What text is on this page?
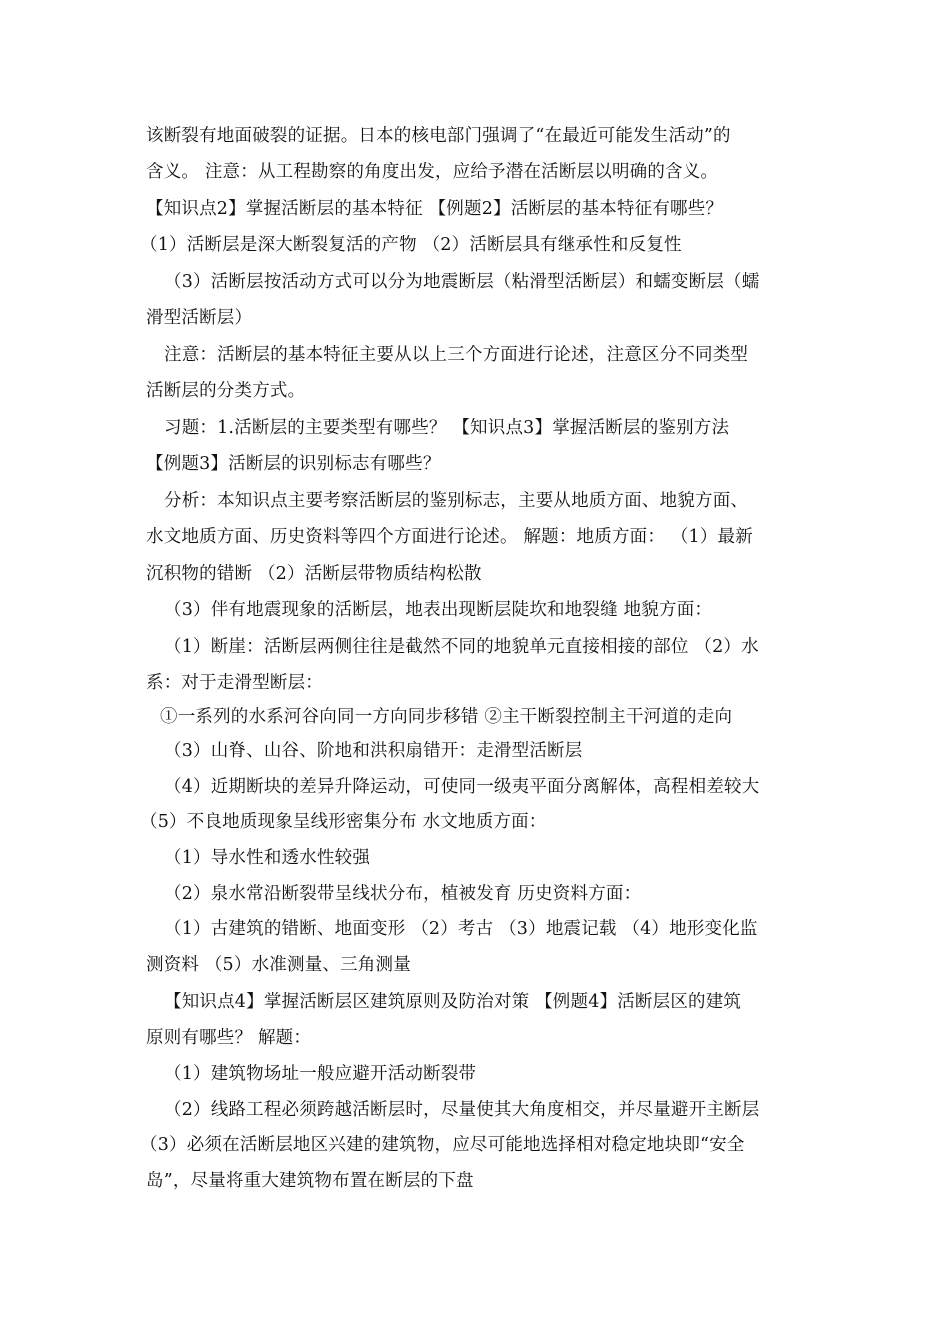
该断裂有地面破裂的证据。日本的核电部门强调了“在最近可能发生活动”的
含义。 注意：从工程勘察的角度出发，应给予潜在活断层以明确的含义。
【知识点2】掌握活断层的基本特征 【例题2】活断层的基本特征有哪些？
（1）活断层是深大断裂复活的产物 （2）活断层具有继承性和反复性
（3）活断层按活动方式可以分为地震断层（粘滑型活断层）和蠕变断层（蠕
滑型活断层）
注意：活断层的基本特征主要从以上三个方面进行论述，注意区分不同类型
活断层的分类方式。
习题：1.活断层的主要类型有哪些？ 【知识点3】掌握活断层的鉴别方法
【例题3】活断层的识别标志有哪些？
分析：本知识点主要考察活断层的鉴别标志，主要从地质方面、地貌方面、
水文地质方面、历史资料等四个方面进行论述。 解题：地质方面： （1）最新
沉积物的错断 （2）活断层带物质结构松散
（3）伴有地震现象的活断层，地表出现断层陡坎和地裂缝 地貌方面：
（1）断崖：活断层两侧往往是截然不同的地貌单元直接相接的部位 （2）水
系：对于走滑型断层：
①一系列的水系河谷向同一方向同步移错 ②主干断裂控制主干河道的走向
（3）山脊、山谷、阶地和洪积扇错开：走滑型活断层
（4）近期断块的差异升降运动，可使同一级夷平面分离解体，高程相差较大
（5）不良地质现象呈线形密集分布 水文地质方面：
（1）导水性和透水性较强
（2）泉水常沿断裂带呈线状分布，植被发育 历史资料方面：
（1）古建筑的错断、地面变形 （2）考古 （3）地震记载 （4）地形变化监
测资料 （5）水准测量、三角测量
【知识点4】掌握活断层区建筑原则及防治对策 【例题4】活断层区的建筑
原则有哪些？ 解题：
（1）建筑物场址一般应避开活动断裂带
（2）线路工程必须跨越活断层时，尽量使其大角度相交，并尽量避开主断层
（3）必须在活断层地区兴建的建筑物，应尽可能地选择相对稳定地块即“安全
岛”，尽量将重大建筑物布置在断层的下盘
